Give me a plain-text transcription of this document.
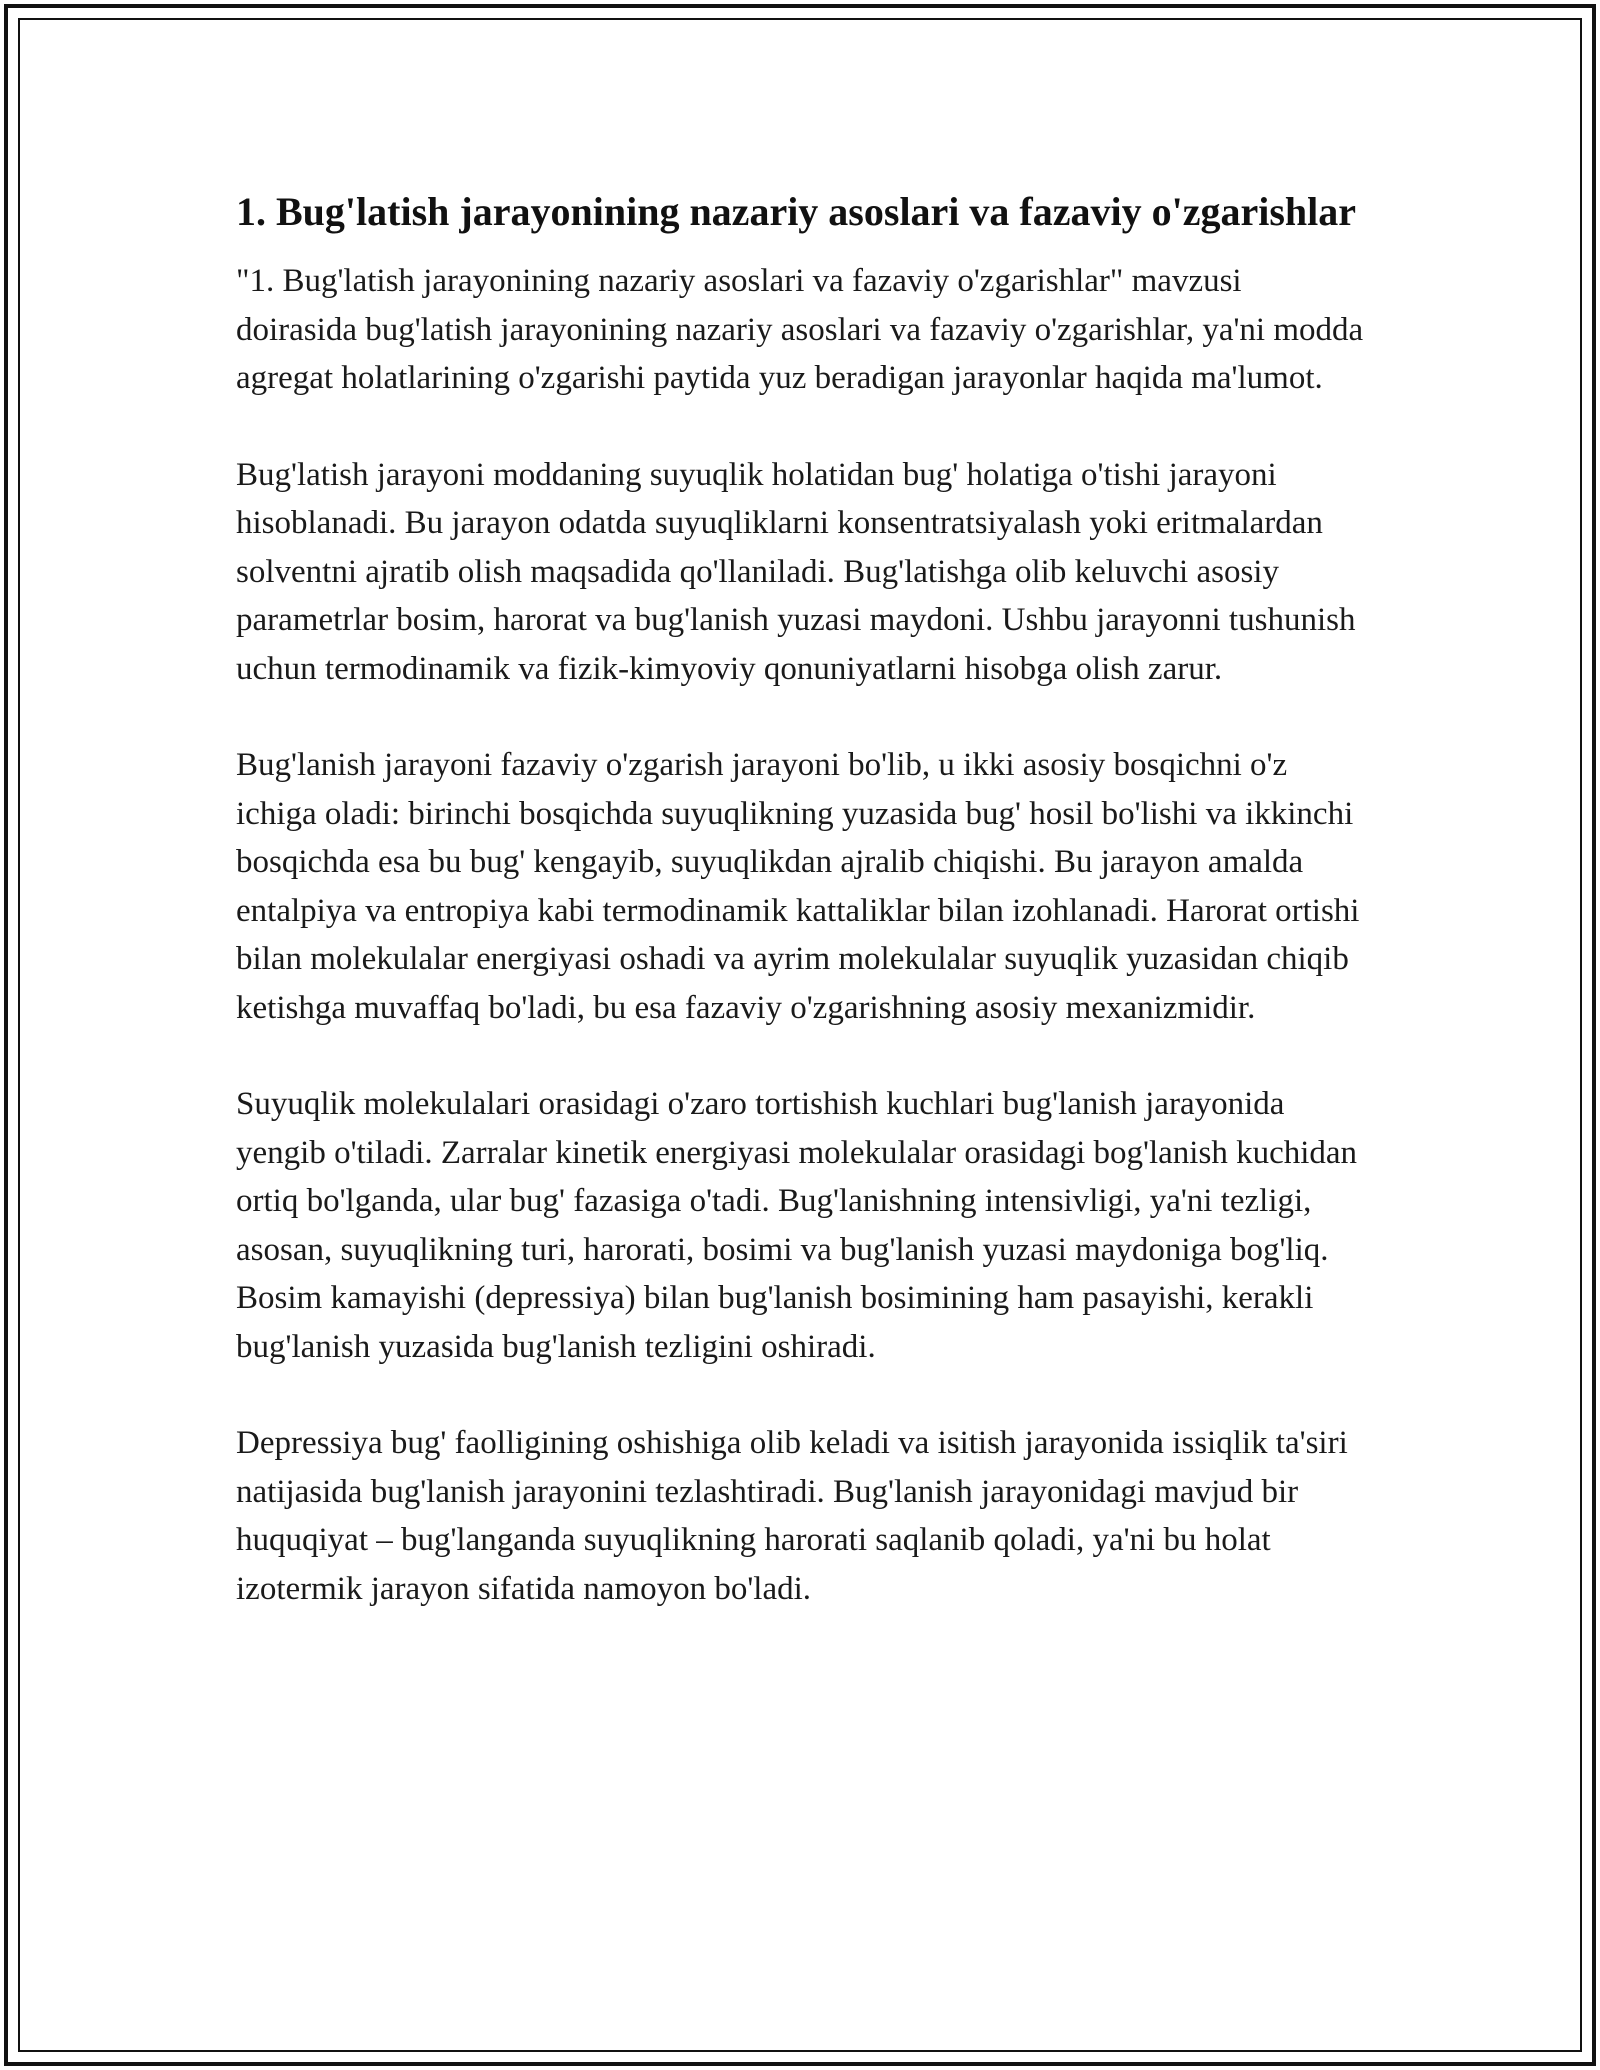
1. Bug'latish jarayonining nazariy asoslari va fazaviy o'zgarishlar

"1. Bug'latish jarayonining nazariy asoslari va fazaviy o'zgarishlar" mavzusi doirasida bug'latish jarayonining nazariy asoslari va fazaviy o'zgarishlar, ya'ni modda agregat holatlarining o'zgarishi paytida yuz beradigan jarayonlar haqida ma'lumot.

Bug'latish jarayoni moddaning suyuqlik holatidan bug' holatiga o'tishi jarayoni hisoblanadi. Bu jarayon odatda suyuqliklarni konsentratsiyalash yoki eritmalardan solventni ajratib olish maqsadida qo'llaniladi. Bug'latishga olib keluvchi asosiy parametrlar bosim, harorat va bug'lanish yuzasi maydoni. Ushbu jarayonni tushunish uchun termodinamik va fizik-kimyoviy qonuniyatlarni hisobga olish zarur.

Bug'lanish jarayoni fazaviy o'zgarish jarayoni bo'lib, u ikki asosiy bosqichni o'z ichiga oladi: birinchi bosqichda suyuqlikning yuzasida bug' hosil bo'lishi va ikkinchi bosqichda esa bu bug' kengayib, suyuqlikdan ajralib chiqishi. Bu jarayon amalda entalpiya va entropiya kabi termodinamik kattaliklar bilan izohlanadi. Harorat ortishi bilan molekulalar energiyasi oshadi va ayrim molekulalar suyuqlik yuzasidan chiqib ketishga muvaffaq bo'ladi, bu esa fazaviy o'zgarishning asosiy mexanizmidir.

Suyuqlik molekulalari orasidagi o'zaro tortishish kuchlari bug'lanish jarayonida yengib o'tiladi. Zarralar kinetik energiyasi molekulalar orasidagi bog'lanish kuchidan ortiq bo'lganda, ular bug' fazasiga o'tadi. Bug'lanishning intensivligi, ya'ni tezligi, asosan, suyuqlikning turi, harorati, bosimi va bug'lanish yuzasi maydoniga bog'liq. Bosim kamayishi (depressiya) bilan bug'lanish bosimining ham pasayishi, kerakli bug'lanish yuzasida bug'lanish tezligini oshiradi.

Depressiya bug' faolligining oshishiga olib keladi va isitish jarayonida issiqlik ta'siri natijasida bug'lanish jarayonini tezlashtiradi. Bug'lanish jarayonidagi mavjud bir huquqiyat – bug'langanda suyuqlikning harorati saqlanib qoladi, ya'ni bu holat izotermik jarayon sifatida namoyon bo'ladi.
